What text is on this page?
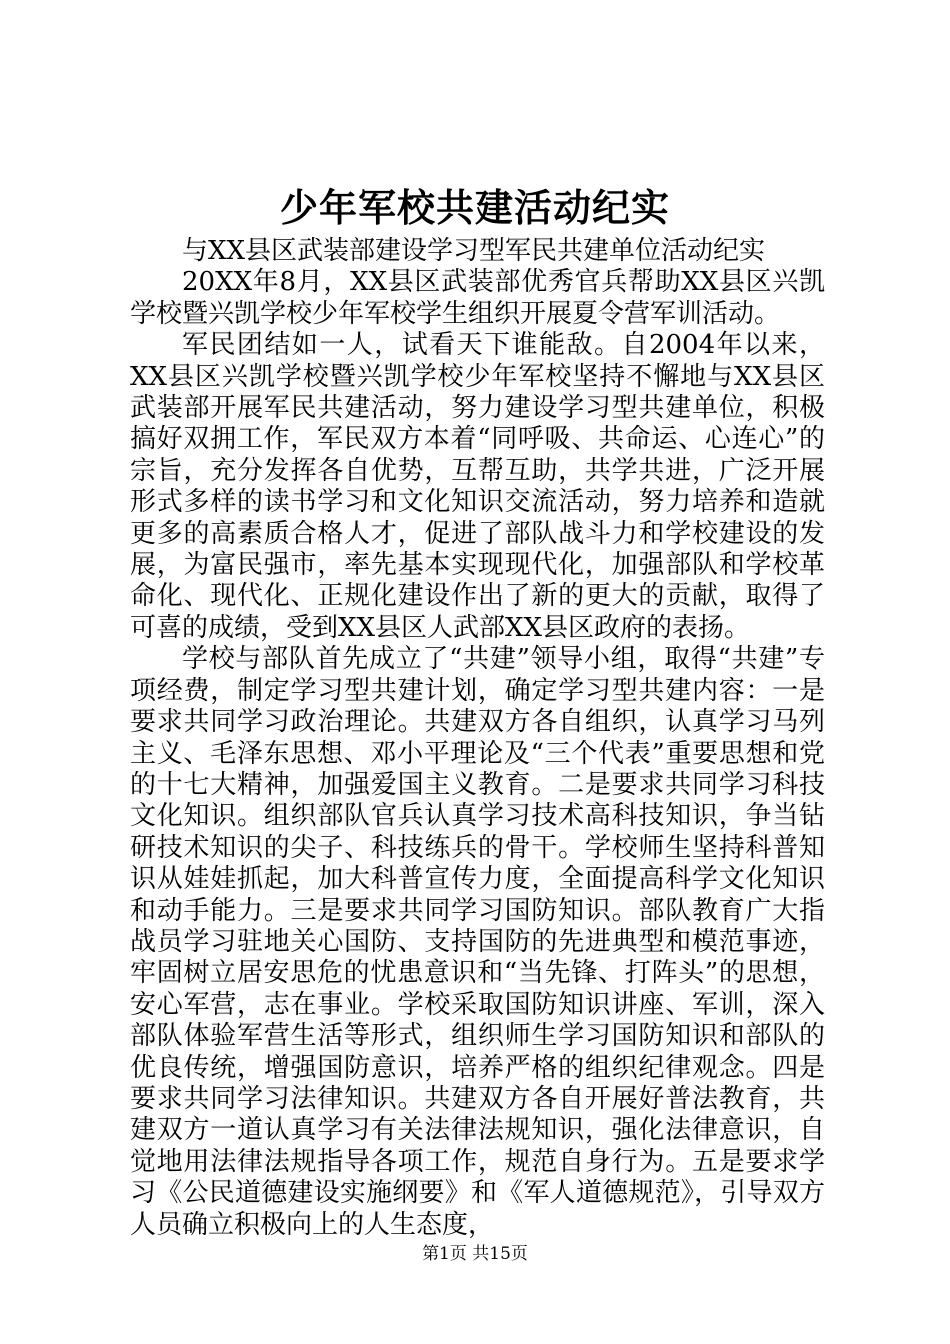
少年军校共建活动纪实

与XX县区武装部建设学习型军民共建单位活动纪实

20XX年8月，XX县区武装部优秀官兵帮助XX县区兴凯学校暨兴凯学校少年军校学生组织开展夏令营军训活动。

军民团结如一人，试看天下谁能敌。自2004年以来，XX县区兴凯学校暨兴凯学校少年军校坚持不懈地与XX县区武装部开展军民共建活动，努力建设学习型共建单位，积极搞好双拥工作，军民双方本着“同呼吸、共命运、心连心”的宗旨，充分发挥各自优势，互帮互助，共学共进，广泛开展形式多样的读书学习和文化知识交流活动，努力培养和造就更多的高素质合格人才，促进了部队战斗力和学校建设的发展，为富民强市，率先基本实现现代化，加强部队和学校革命化、现代化、正规化建设作出了新的更大的贡献，取得了可喜的成绩，受到XX县区人武部XX县区政府的表扬。

学校与部队首先成立了“共建”领导小组，取得“共建”专项经费，制定学习型共建计划，确定学习型共建内容：一是要求共同学习政治理论。共建双方各自组织，认真学习马列主义、毛泽东思想、邓小平理论及“三个代表”重要思想和党的十七大精神，加强爱国主义教育。二是要求共同学习科技文化知识。组织部队官兵认真学习技术高科技知识，争当钻研技术知识的尖子、科技练兵的骨干。学校师生坚持科普知识从娃娃抓起，加大科普宣传力度，全面提高科学文化知识和动手能力。三是要求共同学习国防知识。部队教育广大指战员学习驻地关心国防、支持国防的先进典型和模范事迹，牢固树立居安思危的忧患意识和“当先锋、打阵头”的思想，安心军营，志在事业。学校采取国防知识讲座、军训，深入部队体验军营生活等形式，组织师生学习国防知识和部队的优良传统，增强国防意识，培养严格的组织纪律观念。四是要求共同学习法律知识。共建双方各自开展好普法教育，共建双方一道认真学习有关法律法规知识，强化法律意识，自觉地用法律法规指导各项工作，规范自身行为。五是要求学习《公民道德建设实施纲要》和《军人道德规范》，引导双方人员确立积极向上的人生态度，

第1页 共15页
